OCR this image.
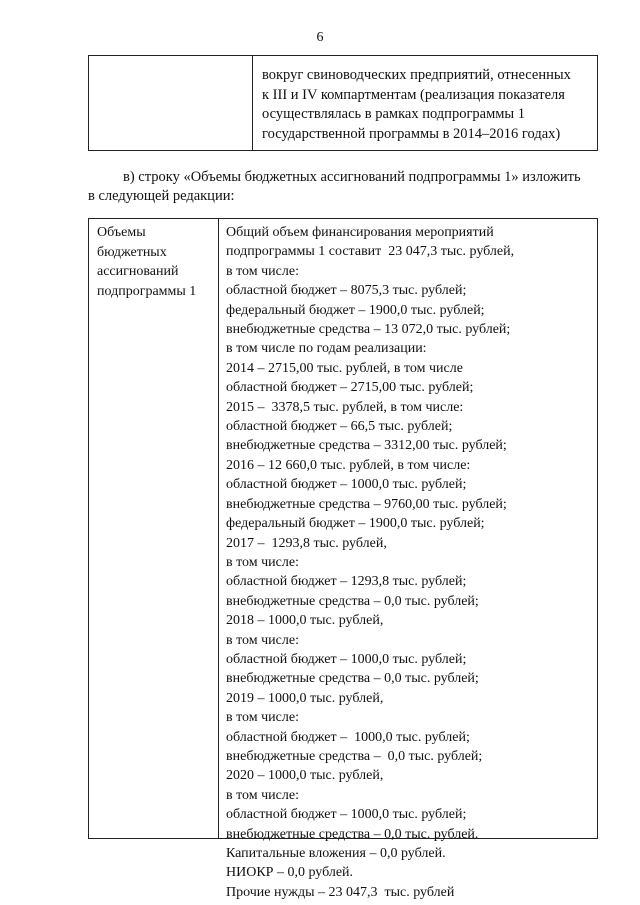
6
вокруг свиноводческих предприятий, отнесенных
к III и IV компартментам (реализация показателя
осуществлялась в рамках подпрограммы 1
государственной программы в 2014–2016 годах)
в) строку «Объемы бюджетных ассигнований подпрограммы 1» изложить
в следующей редакции:
Объемы
бюджетных
ассигнований
подпрограммы 1
Общий объем финансирования мероприятий
подпрограммы 1 составит  23 047,3 тыс. рублей,
в том числе:
областной бюджет – 8075,3 тыс. рублей;
федеральный бюджет – 1900,0 тыс. рублей;
внебюджетные средства – 13 072,0 тыс. рублей;
в том числе по годам реализации:
2014 – 2715,00 тыс. рублей, в том числе
областной бюджет – 2715,00 тыс. рублей;
2015 –  3378,5 тыс. рублей, в том числе:
областной бюджет – 66,5 тыс. рублей;
внебюджетные средства – 3312,00 тыс. рублей;
2016 – 12 660,0 тыс. рублей, в том числе:
областной бюджет – 1000,0 тыс. рублей;
внебюджетные средства – 9760,00 тыс. рублей;
федеральный бюджет – 1900,0 тыс. рублей;
2017 –  1293,8 тыс. рублей,
в том числе:
областной бюджет – 1293,8 тыс. рублей;
внебюджетные средства – 0,0 тыс. рублей;
2018 – 1000,0 тыс. рублей,
в том числе:
областной бюджет – 1000,0 тыс. рублей;
внебюджетные средства – 0,0 тыс. рублей;
2019 – 1000,0 тыс. рублей,
в том числе:
областной бюджет –  1000,0 тыс. рублей;
внебюджетные средства –  0,0 тыс. рублей;
2020 – 1000,0 тыс. рублей,
в том числе:
областной бюджет – 1000,0 тыс. рублей;
внебюджетные средства – 0,0 тыс. рублей.
Капитальные вложения – 0,0 рублей.
НИОКР – 0,0 рублей.
Прочие нужды – 23 047,3  тыс. рублей
